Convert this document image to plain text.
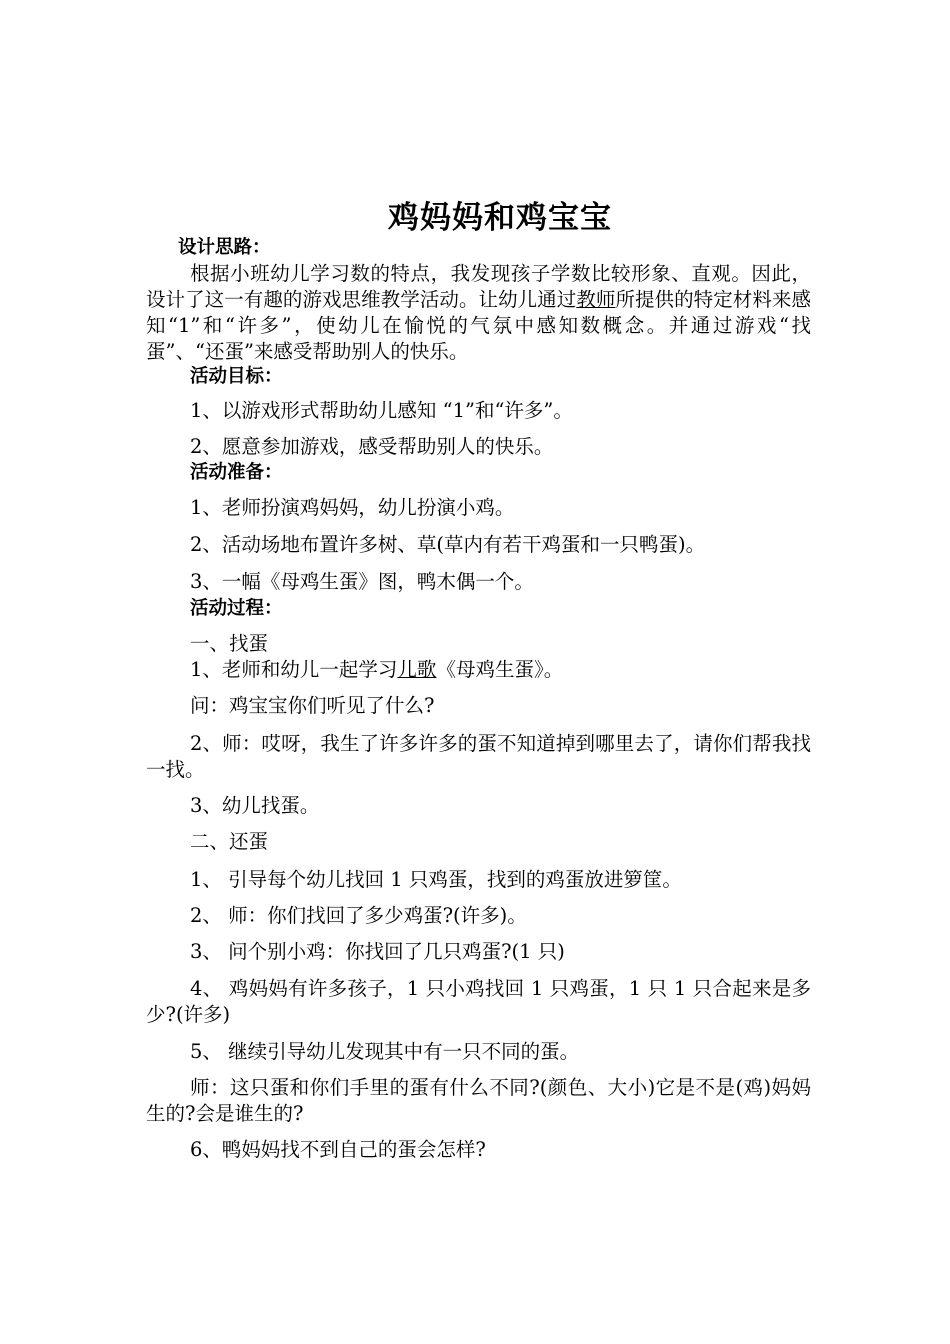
鸡妈妈和鸡宝宝
设计思路：
根据小班幼儿学习数的特点，我发现孩子学数比较形象、直观。因此，设计了这一有趣的游戏思维教学活动。让幼儿通过教师所提供的特定材料来感知“1”和“许多”，使幼儿在愉悦的气氛中感知数概念。并通过游戏“找蛋”、“还蛋”来感受帮助别人的快乐。
活动目标：
1、以游戏形式帮助幼儿感知 “1”和“许多”。
2、愿意参加游戏，感受帮助别人的快乐。
活动准备：
1、老师扮演鸡妈妈，幼儿扮演小鸡。
2、活动场地布置许多树、草(草内有若干鸡蛋和一只鸭蛋)。
3、一幅《母鸡生蛋》图，鸭木偶一个。
活动过程：
一、找蛋
1、老师和幼儿一起学习儿歌《母鸡生蛋》。
问：鸡宝宝你们听见了什么?
2、师：哎呀，我生了许多许多的蛋不知道掉到哪里去了，请你们帮我找一找。
3、幼儿找蛋。
二、还蛋
1、 引导每个幼儿找回 1 只鸡蛋，找到的鸡蛋放进箩筐。
2、 师：你们找回了多少鸡蛋?(许多)。
3、 问个别小鸡：你找回了几只鸡蛋?(1 只)
4、 鸡妈妈有许多孩子，1 只小鸡找回 1 只鸡蛋，1 只 1 只合起来是多少?(许多)
5、 继续引导幼儿发现其中有一只不同的蛋。
师：这只蛋和你们手里的蛋有什么不同?(颜色、大小)它是不是(鸡)妈妈生的?会是谁生的?
6、鸭妈妈找不到自己的蛋会怎样?
